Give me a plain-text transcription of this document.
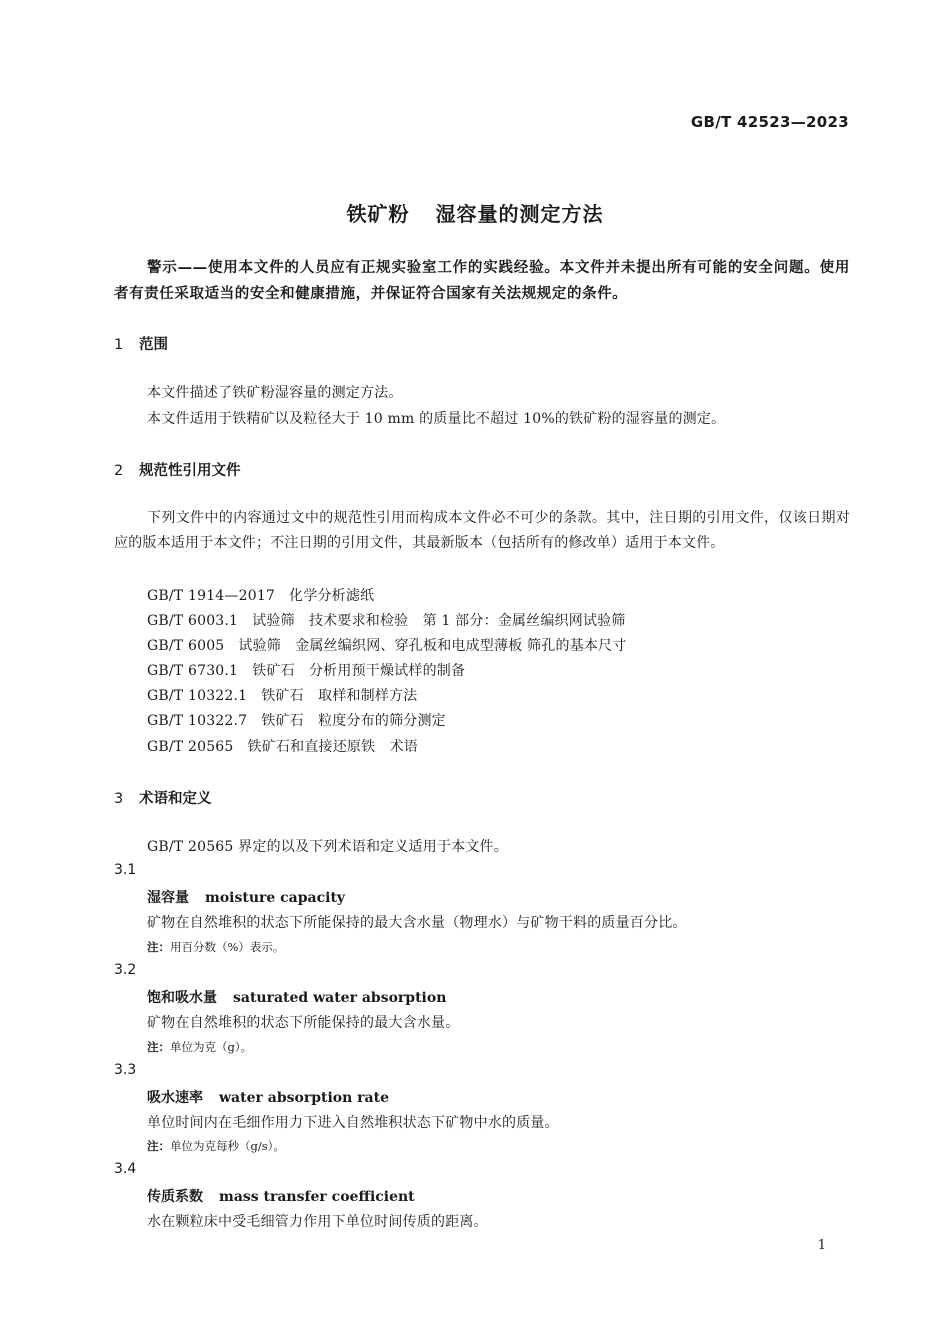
GB/T 42523—2023
铁矿粉 湿容量的测定方法
警示——使用本文件的人员应有正规实验室工作的实践经验。本文件并未提出所有可能的安全问题。使用者有责任采取适当的安全和健康措施，并保证符合国家有关法规规定的条件。
1 范围
本文件描述了铁矿粉湿容量的测定方法。
本文件适用于铁精矿以及粒径大于 10 mm 的质量比不超过 10%的铁矿粉的湿容量的测定。
2 规范性引用文件
下列文件中的内容通过文中的规范性引用而构成本文件必不可少的条款。其中，注日期的引用文件，仅该日期对应的版本适用于本文件；不注日期的引用文件，其最新版本（包括所有的修改单）适用于本文件。
GB/T 1914—2017 化学分析滤纸
GB/T 6003.1 试验筛　技术要求和检验　第 1 部分：金属丝编织网试验筛
GB/T 6005 试验筛　金属丝编织网、穿孔板和电成型薄板 筛孔的基本尺寸
GB/T 6730.1 铁矿石　分析用预干燥试样的制备
GB/T 10322.1 铁矿石　取样和制样方法
GB/T 10322.7 铁矿石　粒度分布的筛分测定
GB/T 20565 铁矿石和直接还原铁　术语
3 术语和定义
GB/T 20565 界定的以及下列术语和定义适用于本文件。
3.1
湿容量 moisture capacity
矿物在自然堆积的状态下所能保持的最大含水量（物理水）与矿物干料的质量百分比。
注：用百分数（%）表示。
3.2
饱和吸水量 saturated water absorption
矿物在自然堆积的状态下所能保持的最大含水量。
注：单位为克（g）。
3.3
吸水速率 water absorption rate
单位时间内在毛细作用力下进入自然堆积状态下矿物中水的质量。
注：单位为克每秒（g/s）。
3.4
传质系数 mass transfer coefficient
水在颗粒床中受毛细管力作用下单位时间传质的距离。
1
